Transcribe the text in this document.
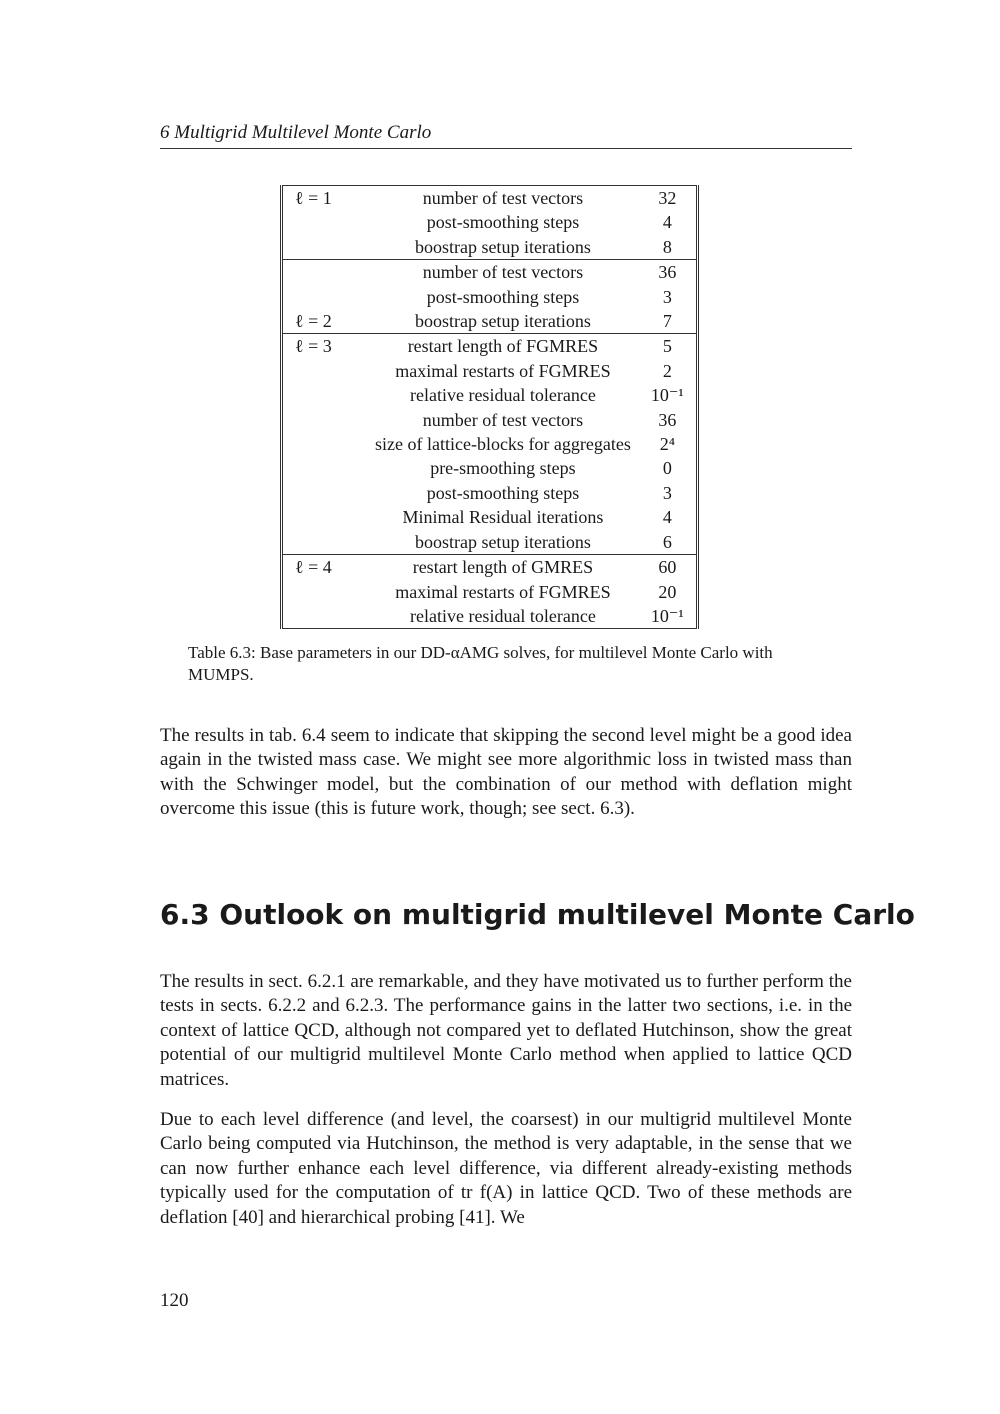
6 Multigrid Multilevel Monte Carlo
ℓ = 1	number of test vectors	32
	post-smoothing steps	4
	boostrap setup iterations	8
	number of test vectors	36
	post-smoothing steps	3
ℓ = 2	boostrap setup iterations	7
ℓ = 3	restart length of FGMRES	5
	maximal restarts of FGMRES	2
	relative residual tolerance	10⁻¹
	number of test vectors	36
	size of lattice-blocks for aggregates	2⁴
	pre-smoothing steps	0
	post-smoothing steps	3
	Minimal Residual iterations	4
	boostrap setup iterations	6
ℓ = 4	restart length of GMRES	60
	maximal restarts of FGMRES	20
	relative residual tolerance	10⁻¹
Table 6.3: Base parameters in our DD-αAMG solves, for multilevel Monte Carlo with MUMPS.

The results in tab. 6.4 seem to indicate that skipping the second level might be a good idea again in the twisted mass case. We might see more algorithmic loss in twisted mass than with the Schwinger model, but the combination of our method with deflation might overcome this issue (this is future work, though; see sect. 6.3).

6.3 Outlook on multigrid multilevel Monte Carlo

The results in sect. 6.2.1 are remarkable, and they have motivated us to further perform the tests in sects. 6.2.2 and 6.2.3. The performance gains in the latter two sections, i.e. in the context of lattice QCD, although not compared yet to deflated Hutchinson, show the great potential of our multigrid multilevel Monte Carlo method when applied to lattice QCD matrices.

Due to each level difference (and level, the coarsest) in our multigrid multilevel Monte Carlo being computed via Hutchinson, the method is very adaptable, in the sense that we can now further enhance each level difference, via different already-existing methods typically used for the computation of tr f(A) in lattice QCD. Two of these methods are deflation [40] and hierarchical probing [41]. We

120
